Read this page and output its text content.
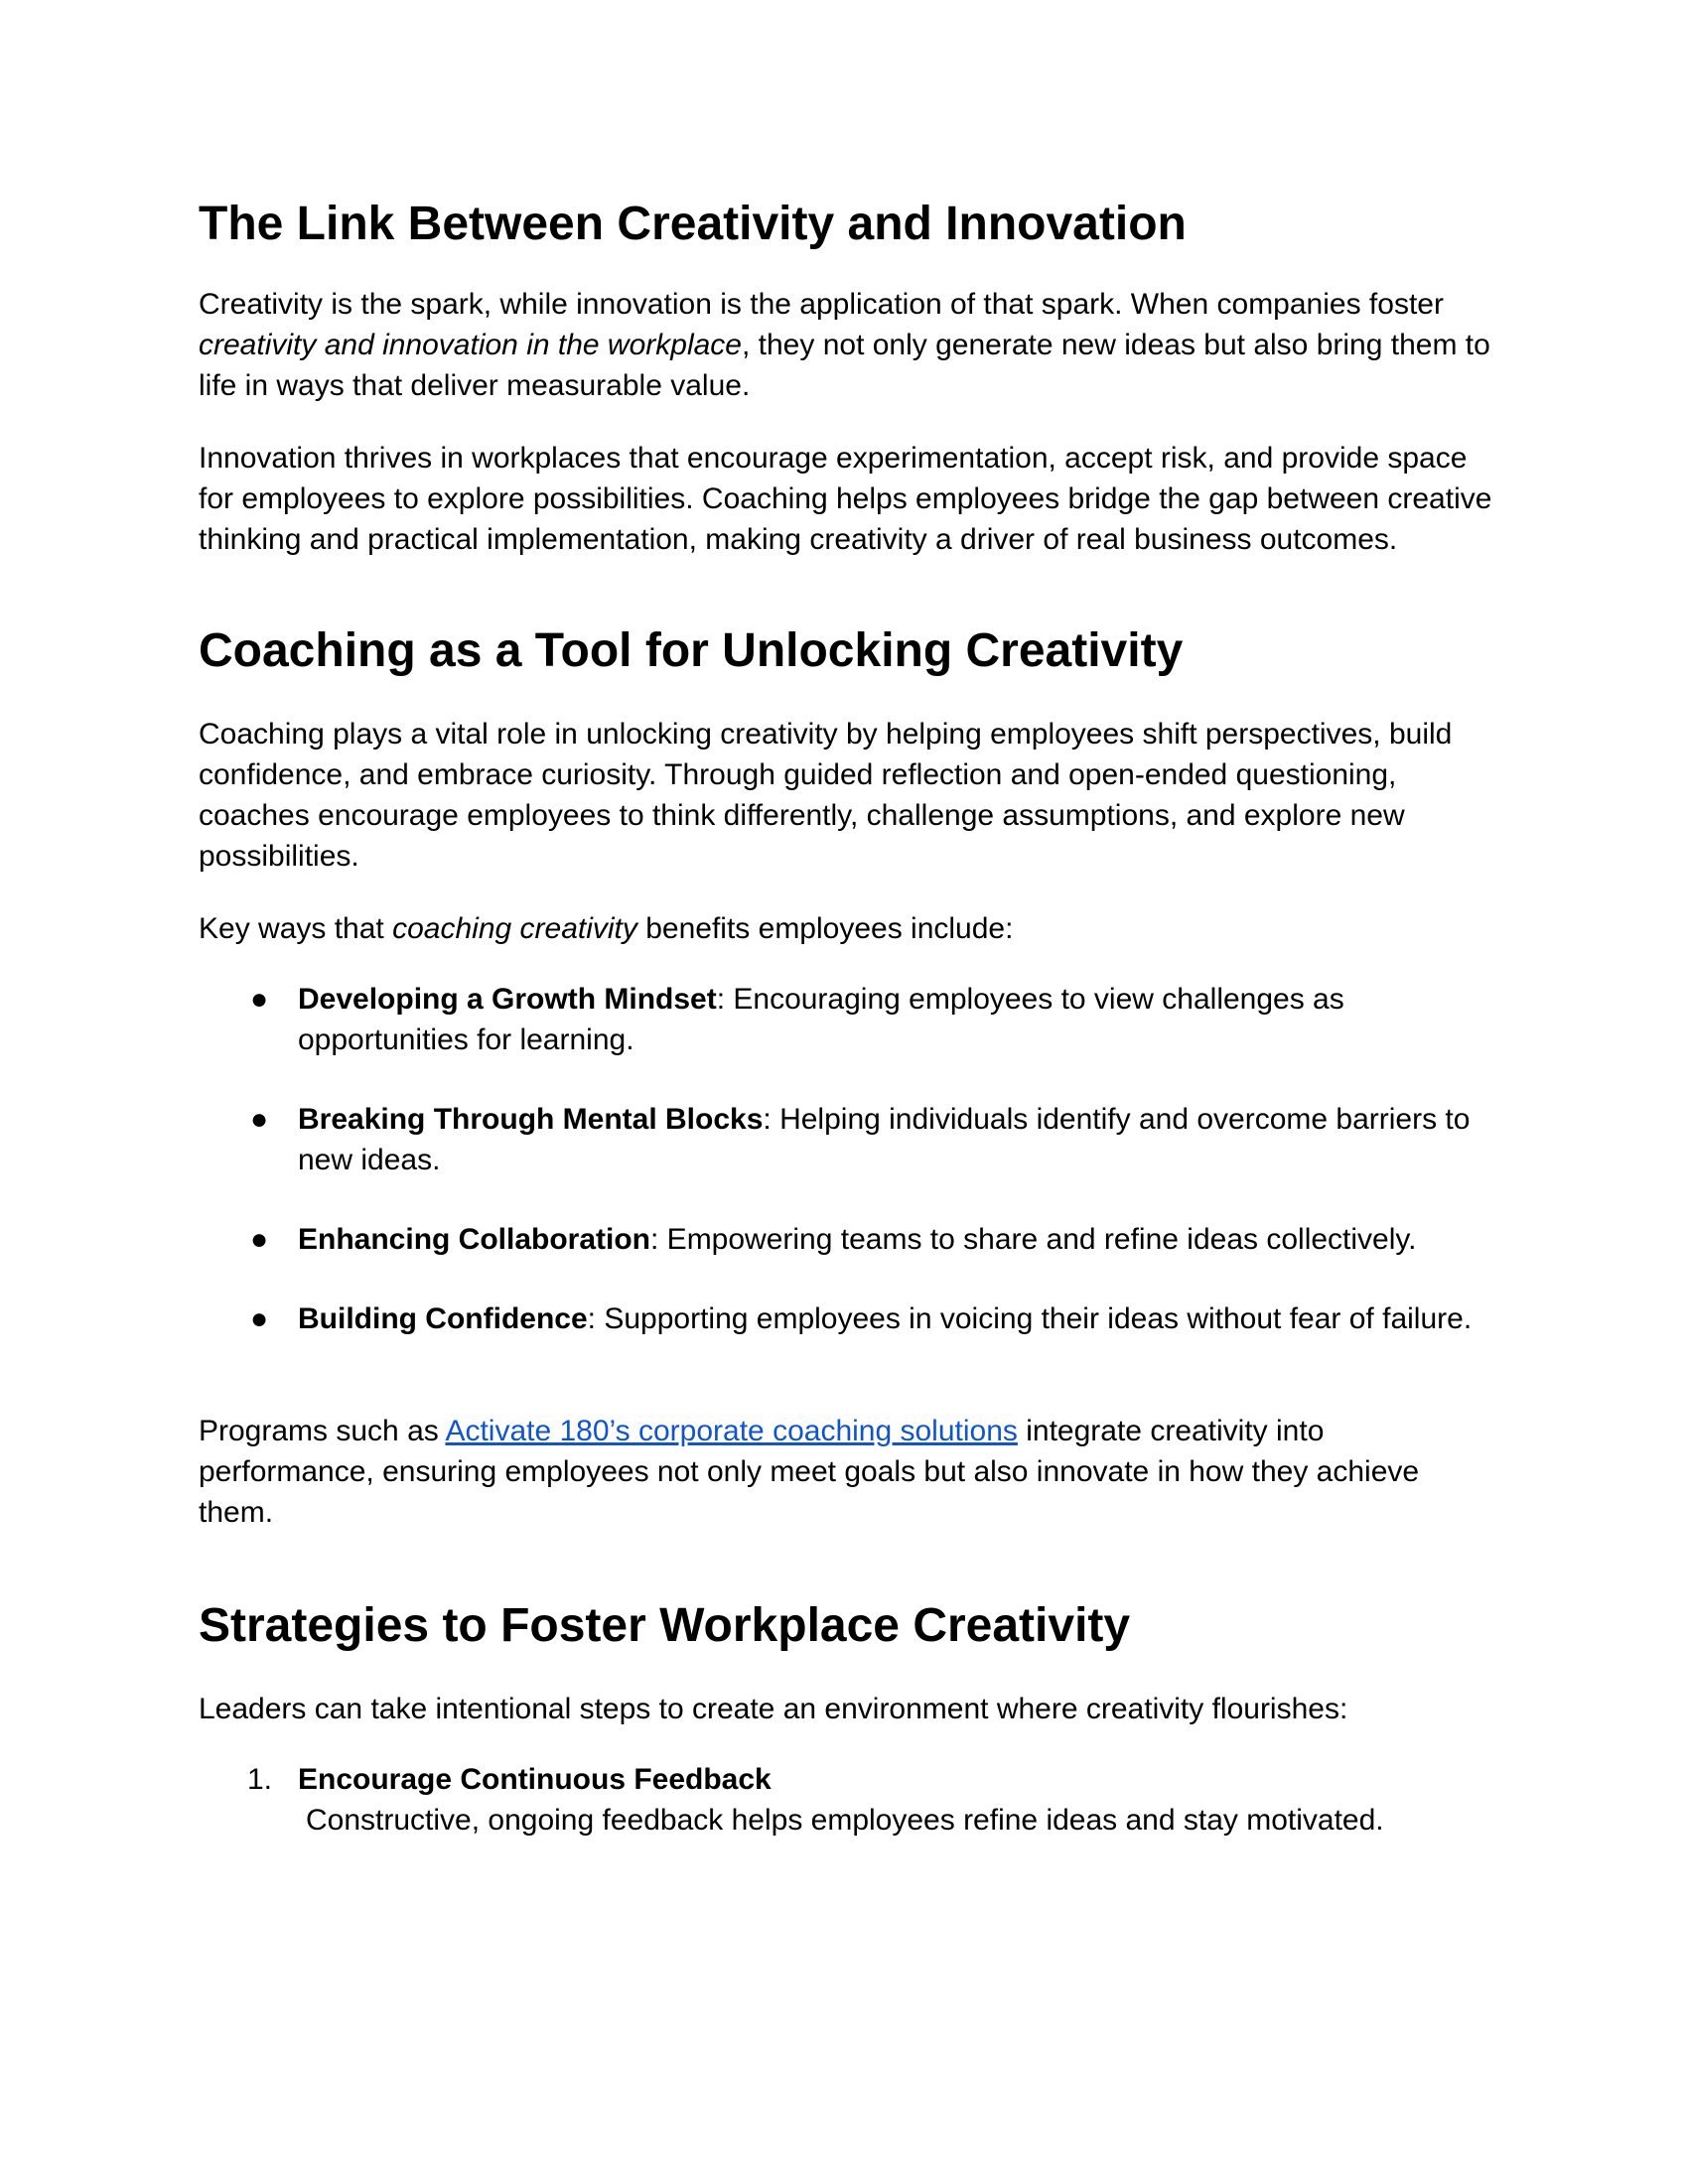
The Link Between Creativity and Innovation

Creativity is the spark, while innovation is the application of that spark. When companies foster creativity and innovation in the workplace, they not only generate new ideas but also bring them to life in ways that deliver measurable value.

Innovation thrives in workplaces that encourage experimentation, accept risk, and provide space for employees to explore possibilities. Coaching helps employees bridge the gap between creative thinking and practical implementation, making creativity a driver of real business outcomes.

Coaching as a Tool for Unlocking Creativity

Coaching plays a vital role in unlocking creativity by helping employees shift perspectives, build confidence, and embrace curiosity. Through guided reflection and open-ended questioning, coaches encourage employees to think differently, challenge assumptions, and explore new possibilities.

Key ways that coaching creativity benefits employees include:

● Developing a Growth Mindset: Encouraging employees to view challenges as opportunities for learning.
● Breaking Through Mental Blocks: Helping individuals identify and overcome barriers to new ideas.
● Enhancing Collaboration: Empowering teams to share and refine ideas collectively.
● Building Confidence: Supporting employees in voicing their ideas without fear of failure.

Programs such as Activate 180’s corporate coaching solutions integrate creativity into performance, ensuring employees not only meet goals but also innovate in how they achieve them.

Strategies to Foster Workplace Creativity

Leaders can take intentional steps to create an environment where creativity flourishes:

1. Encourage Continuous Feedback
Constructive, ongoing feedback helps employees refine ideas and stay motivated.
